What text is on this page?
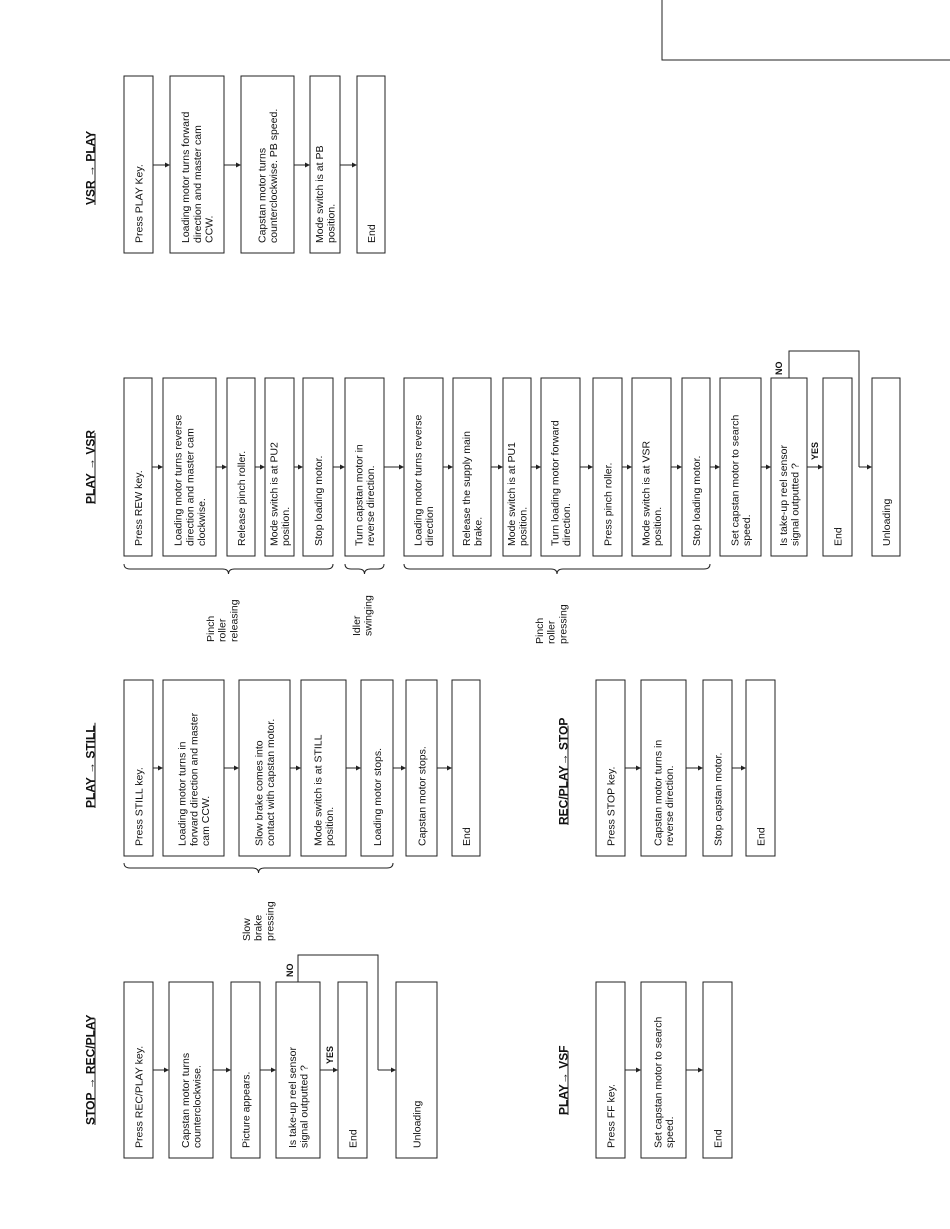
VSR → PLAY	Press PLAY Key.	Loading motor turns forwarddirection and master camCCW.	Capstan motor turnscounterclockwise. PB speed.	Mode switch is at PBposition.	End
PLAY → VSR
Press REW key.	Loading motor turns reversedirection and master camclockwise.	Release pinch roller. Mode switch is at PU2position. Stop loading motor.	Turn capstan motor inreverse direction.	Loading motor turns reversedirection Release the supply mainbrake. Mode switch is at PU1position. Turn loading motor forwarddirection.	Press pinch roller. Mode switch is at VSRposition.	Stop loading motor.	Set capstan motor to searchspeed. Is take-up reel sensorsignal outputted ?	End	Unloading
NO
YES
Pinchrollerreleasing	Idlerswinging	Pinchrollerpressing
PLAY → STILL	Press STILL key.	Loading motor turns inforward direction and mastercam CCW.	Slow brake comes intocontact with capstan motor.	Mode switch is at STILLposition.	Loading motor stops.	Capstan motor stops.	End
Slowbrakepressing
REC/PLAY→ STOP	Press STOP key.	Capstan motor turns inreverse direction.	Stop capstan motor.	End
STOP → REC/PLAY	Press REC/PLAY key.	Capstan motor turnscounterclockwise.	Picture appears.	Is take-up reel sensorsignal outputted ?	End	Unloading
NO
YES	PLAY→ VSF
Press FF key.	Set capstan motor to searchspeed.	End
